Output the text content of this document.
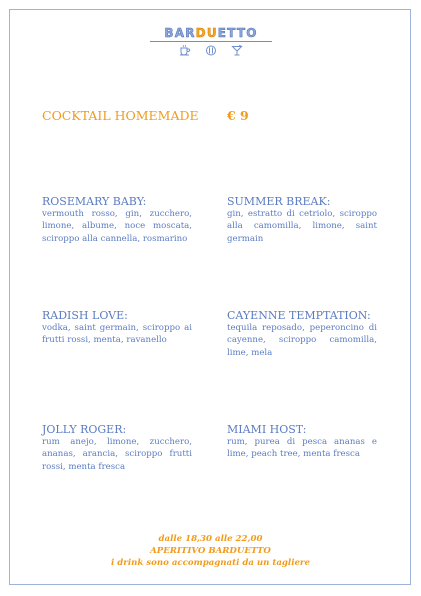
BARDUETTO
COCKTAIL HOMEMADE € 9
ROSEMARY BABY:
vermouth rosso, gin, zucchero, limone, albume, noce moscata, sciroppo alla cannella, rosmarino
SUMMER BREAK:
gin, estratto di cetriolo, sciroppo alla camomilla, limone, saint germain
RADISH LOVE:
vodka, saint germain, sciroppo ai frutti rossi, menta, ravanello
CAYENNE TEMPTATION:
tequila reposado, peperoncino di cayenne, sciroppo camomilla, lime, mela
JOLLY ROGER:
rum anejo, limone, zucchero, ananas, arancia, sciroppo frutti rossi, menta fresca
MIAMI HOST:
rum, purea di pesca ananas e lime, peach tree, menta fresca
dalle 18,30 alle 22,00
APERITIVO BARDUETTO
i drink sono accompagnati da un tagliere
